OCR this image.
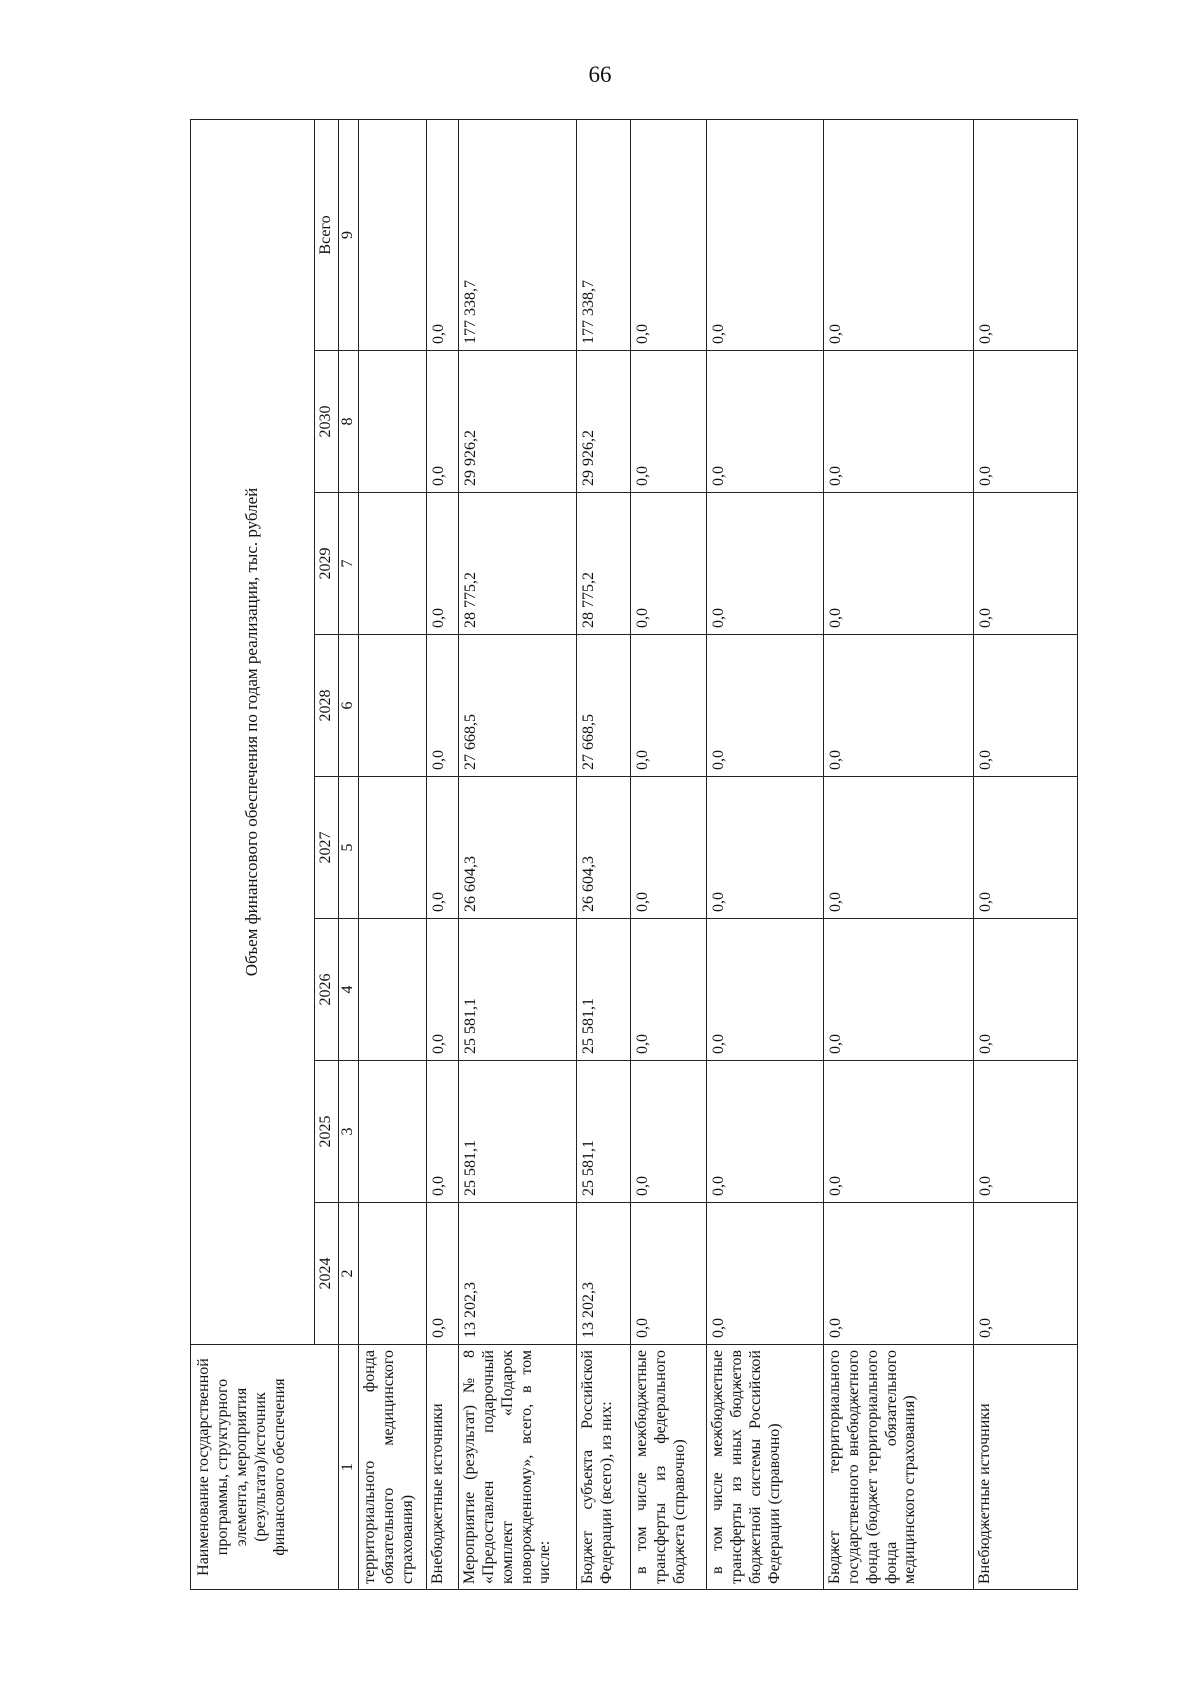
66
Наименование государственной программы, структурного элемента, мероприятия (результата)/источник финансового обеспечения	Объем финансового обеспечения по годам реализации, тыс. рублей							
	2024	2025	2026	2027	2028	2029	2030	Всего
1	2	3	4	5	6	7	8	9
территориального фонда обязательного медицинского страхования)								
Внебюджетные источники	0,0	0,0	0,0	0,0	0,0	0,0	0,0	0,0
Мероприятие (результат) № 8 «Предоставлен подарочный комплект «Подарок новорожденному», всего, в том числе:	13 202,3	25 581,1	25 581,1	26 604,3	27 668,5	28 775,2	29 926,2	177 338,7
Бюджет субъекта Российской Федерации (всего), из них:	13 202,3	25 581,1	25 581,1	26 604,3	27 668,5	28 775,2	29 926,2	177 338,7
в том числе межбюджетные трансферты из федерального бюджета (справочно)	0,0	0,0	0,0	0,0	0,0	0,0	0,0	0,0
в том числе межбюджетные трансферты из иных бюджетов бюджетной системы Российской Федерации (справочно)	0,0	0,0	0,0	0,0	0,0	0,0	0,0	0,0
Бюджет территориального государственного внебюджетного фонда (бюджет территориального фонда обязательного медицинского страхования)	0,0	0,0	0,0	0,0	0,0	0,0	0,0	0,0
Внебюджетные источники	0,0	0,0	0,0	0,0	0,0	0,0	0,0	0,0
